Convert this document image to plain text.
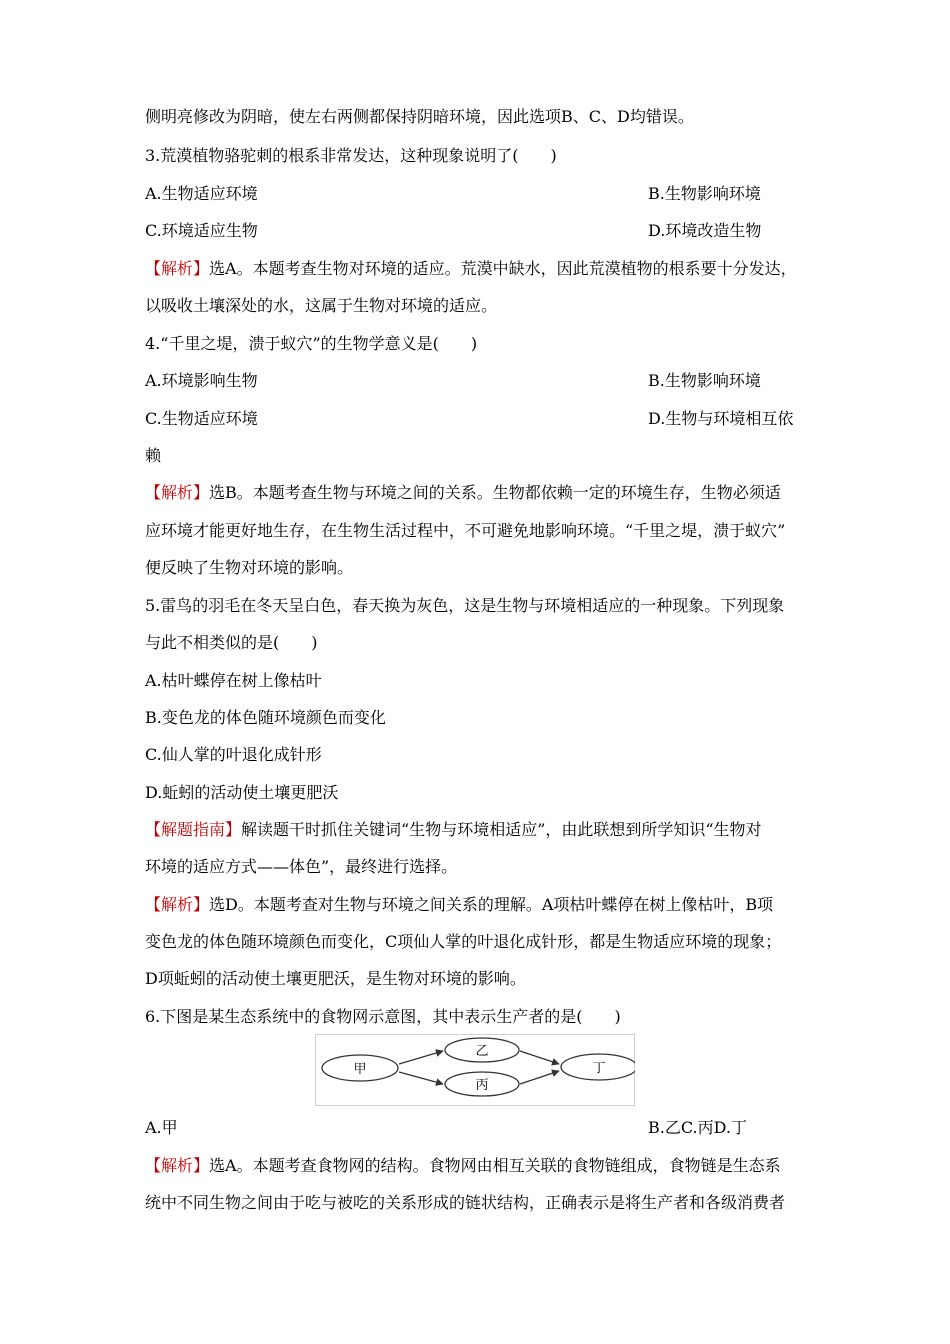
侧明亮修改为阴暗，使左右两侧都保持阴暗环境，因此选项B、C、D均错误。
3.荒漠植物骆驼刺的根系非常发达，这种现象说明了(　　)
A.生物适应环境	B.生物影响环境
C.环境适应生物	D.环境改造生物
【解析】选A。本题考查生物对环境的适应。荒漠中缺水，因此荒漠植物的根系要十分发达，
以吸收土壤深处的水，这属于生物对环境的适应。
4.“千里之堤，溃于蚁穴”的生物学意义是(　　)
A.环境影响生物	B.生物影响环境
C.生物适应环境	D.生物与环境相互依
赖
【解析】选B。本题考查生物与环境之间的关系。生物都依赖一定的环境生存，生物必须适
应环境才能更好地生存，在生物生活过程中，不可避免地影响环境。“千里之堤，溃于蚁穴”
便反映了生物对环境的影响。
5.雷鸟的羽毛在冬天呈白色，春天换为灰色，这是生物与环境相适应的一种现象。下列现象
与此不相类似的是(　　)
A.枯叶蝶停在树上像枯叶
B.变色龙的体色随环境颜色而变化
C.仙人掌的叶退化成针形
D.蚯蚓的活动使土壤更肥沃
【解题指南】解读题干时抓住关键词“生物与环境相适应”，由此联想到所学知识“生物对
环境的适应方式——体色”，最终进行选择。
【解析】选D。本题考查对生物与环境之间关系的理解。A项枯叶蝶停在树上像枯叶，B项
变色龙的体色随环境颜色而变化，C项仙人掌的叶退化成针形，都是生物适应环境的现象；
D项蚯蚓的活动使土壤更肥沃，是生物对环境的影响。
6.下图是某生态系统中的食物网示意图，其中表示生产者的是(　　)
甲
乙
丙
丁
A.甲	B.乙C.丙D.丁
【解析】选A。本题考查食物网的结构。食物网由相互关联的食物链组成，食物链是生态系
统中不同生物之间由于吃与被吃的关系形成的链状结构，正确表示是将生产者和各级消费者
